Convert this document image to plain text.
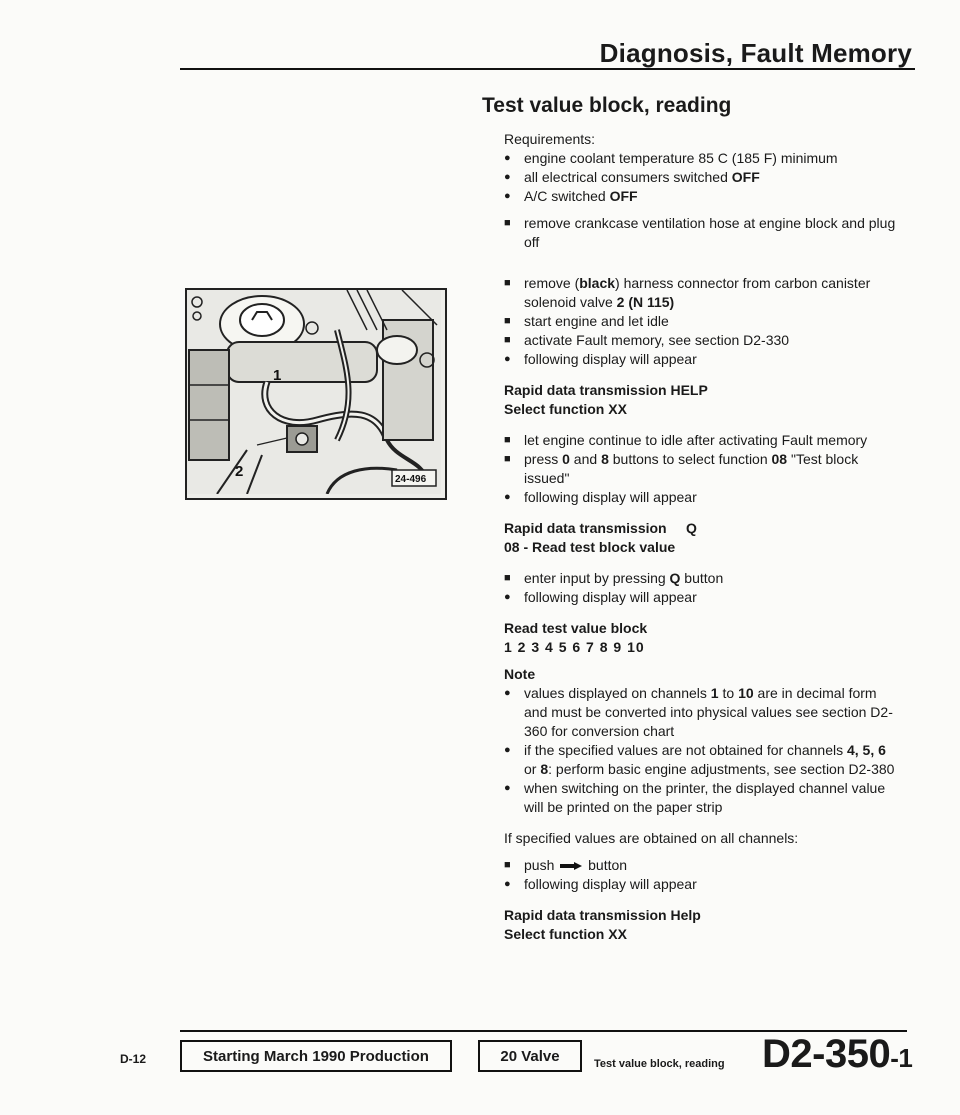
Diagnosis, Fault Memory
Test value block, reading
1
2	24-496

Requirements:

● engine coolant temperature 85 C (185 F) minimum

● all electrical consumers switched OFF

● A/C switched OFF

■ remove crankcase ventilation hose at engine block and plug off

■ remove (black) harness connector from carbon canister solenoid valve 2 (N 115)

■ start engine and let idle

■ activate Fault memory, see section D2-330

● following display will appear

Rapid data transmission HELP

Select function XX

■ let engine continue to idle after activating Fault memory

■ press 0 and 8 buttons to select function 08 "Test block issued"

● following display will appear

Rapid data transmission     Q

08 - Read test block value

■ enter input by pressing Q button

● following display will appear

Read test value block

1 2 3 4 5 6 7 8 9 10

Note

● values displayed on channels 1 to 10 are in decimal form and must be converted into physical values see section D2-360 for conversion chart

● if the specified values are not obtained for channels 4, 5, 6 or 8: perform basic engine adjustments, see section D2-380

● when switching on the printer, the displayed channel value will be printed on the paper strip

If specified values are obtained on all channels:

■ push button

● following display will appear

Rapid data transmission Help

Select function XX

D-12	Starting March 1990 Production	20 Valve	Test value block, reading D2-350-1
